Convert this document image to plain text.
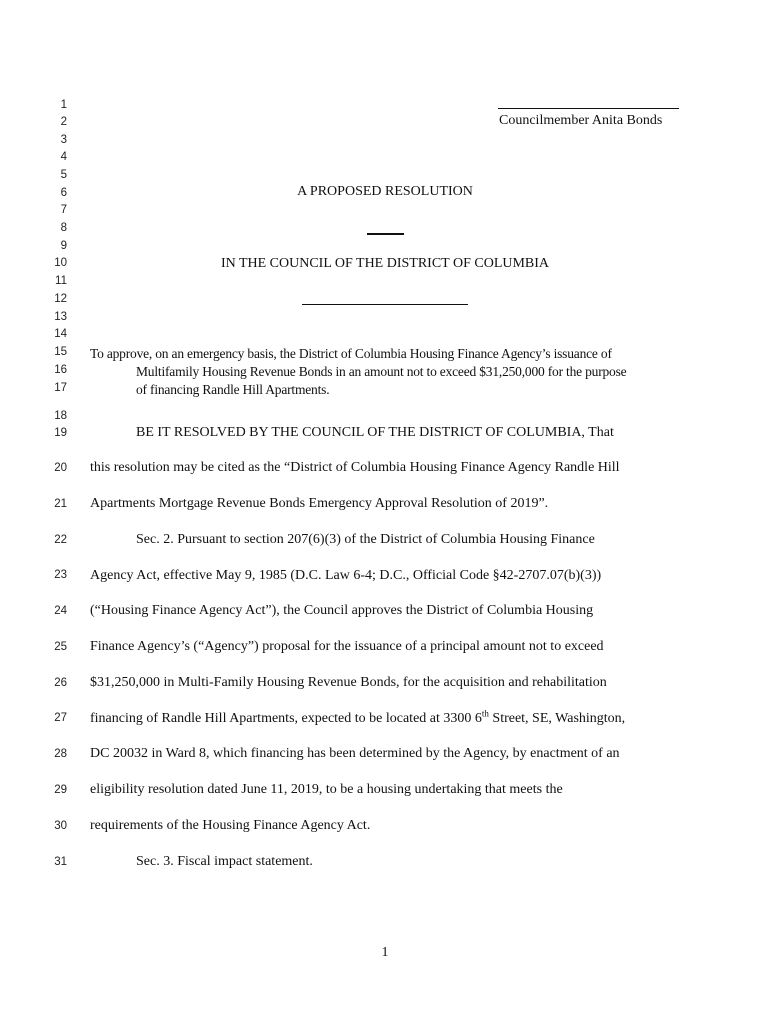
1
2
3
4
5
6
7
8
9
10
11
12
13
14
15
16
17
18
19
20
21
22
23
24
25
26
27
28
29
30
31
Councilmember Anita Bonds
A PROPOSED RESOLUTION
IN THE COUNCIL OF THE DISTRICT OF COLUMBIA
To approve, on an emergency basis, the District of Columbia Housing Finance Agency’s issuance of
Multifamily Housing Revenue Bonds in an amount not to exceed $31,250,000 for the purpose
of financing Randle Hill Apartments.
BE IT RESOLVED BY THE COUNCIL OF THE DISTRICT OF COLUMBIA, That
this resolution may be cited as the “District of Columbia Housing Finance Agency Randle Hill
Apartments Mortgage Revenue Bonds Emergency Approval Resolution of 2019”.
Sec. 2. Pursuant to section 207(6)(3) of the District of Columbia Housing Finance
Agency Act, effective May 9, 1985 (D.C. Law 6-4; D.C., Official Code §42-2707.07(b)(3))
(“Housing Finance Agency Act”), the Council approves the District of Columbia Housing
Finance Agency’s (“Agency”) proposal for the issuance of a principal amount not to exceed
$31,250,000 in Multi-Family Housing Revenue Bonds, for the acquisition and rehabilitation
financing of Randle Hill Apartments, expected to be located at 3300 6th Street, SE, Washington,
DC 20032 in Ward 8, which financing has been determined by the Agency, by enactment of an
eligibility resolution dated June 11, 2019, to be a housing undertaking that meets the
requirements of the Housing Finance Agency Act.
Sec. 3. Fiscal impact statement.
1
